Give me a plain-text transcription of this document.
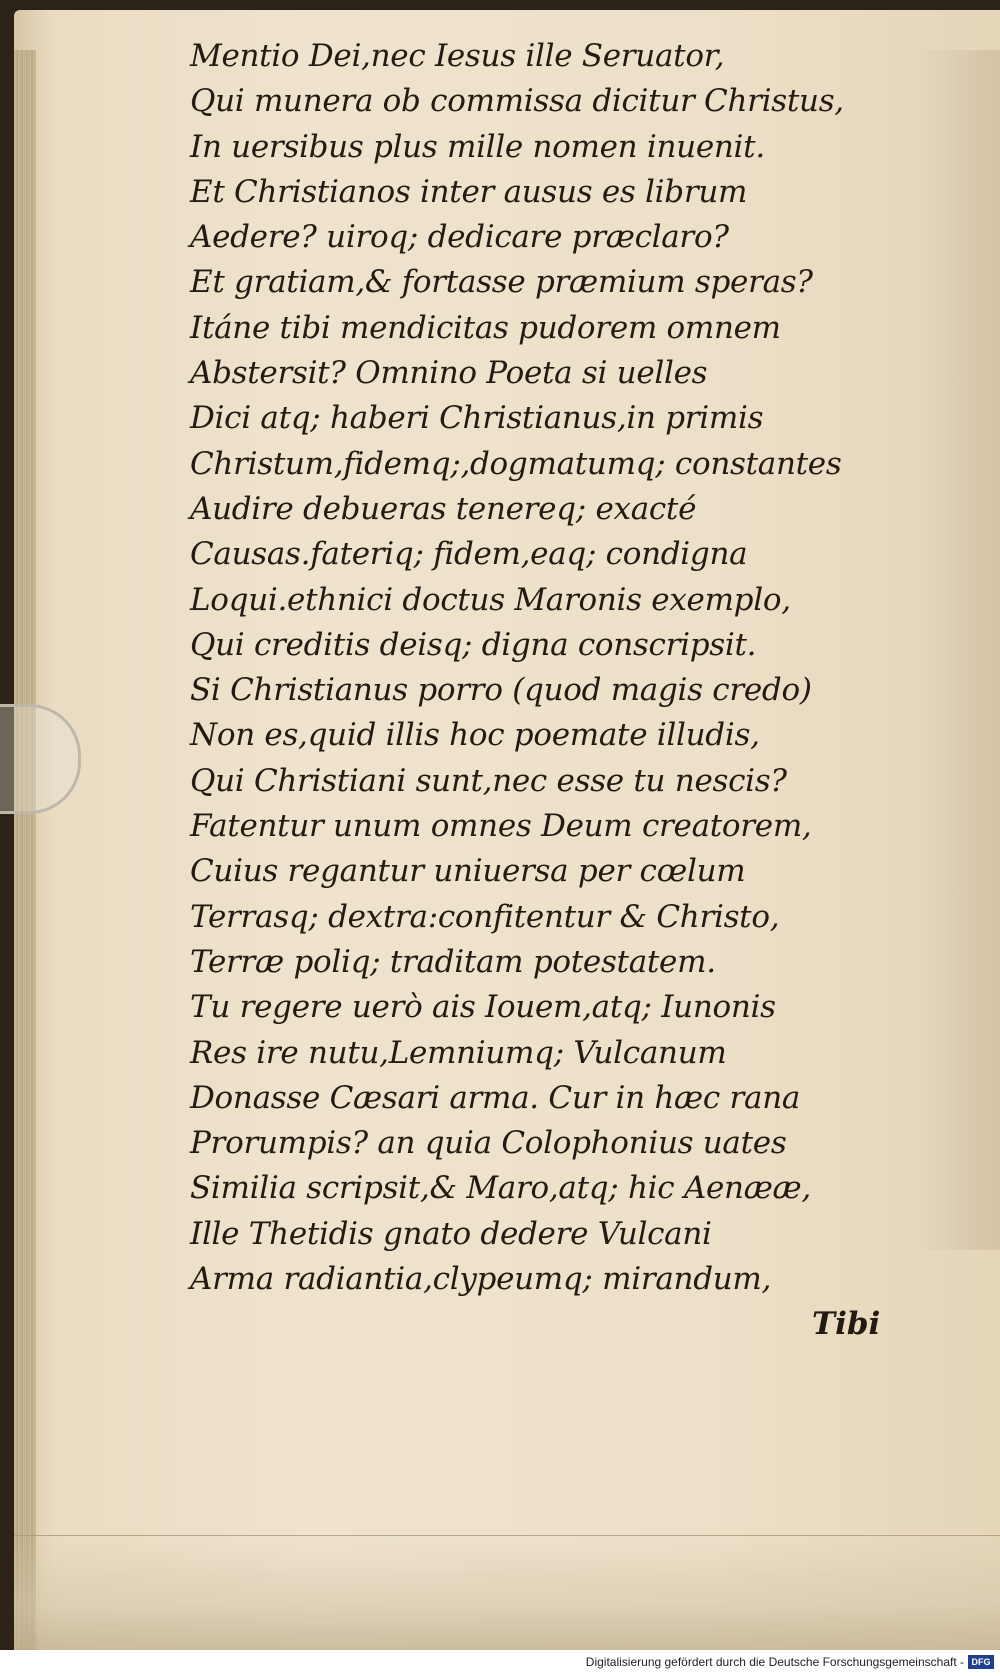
Mentio Dei,nec Iesus ille Seruator,
Qui munera ob commissa dicitur Christus,
In uersibus plus mille nomen inuenit.
Et Christianos inter ausus es librum
Aedere? uiroq; dedicare præclaro?
Et gratiam,& fortasse præmium speras?
Itáne tibi mendicitas pudorem omnem
Abstersit? Omnino Poeta si uelles
Dici atq; haberi Christianus,in primis
Christum,fidemq;,dogmatumq; constantes
Audire debueras tenereq; exacté
Causas.fateriq; fidem,eaq; condigna
Loqui.ethnici doctus Maronis exemplo,
Qui creditis deisq; digna conscripsit.
Si Christianus porro (quod magis credo)
Non es,quid illis hoc poemate illudis,
Qui Christiani sunt,nec esse tu nescis?
Fatentur unum omnes Deum creatorem,
Cuius regantur uniuersa per cœlum
Terrasq; dextra:confitentur & Christo,
Terræ poliq; traditam potestatem.
Tu regere uerò ais Iouem,atq; Iunonis
Res ire nutu,Lemniumq; Vulcanum
Donasse Cæsari arma. Cur in hæc rana
Prorumpis? an quia Colophonius uates
Similia scripsit,& Maro,atq; hic Aenææ,
Ille Thetidis gnato dedere Vulcani
Arma radiantia,clypeumq; mirandum,
Tibi
Digitalisierung gefördert durch die Deutsche Forschungsgemeinschaft - DFG
